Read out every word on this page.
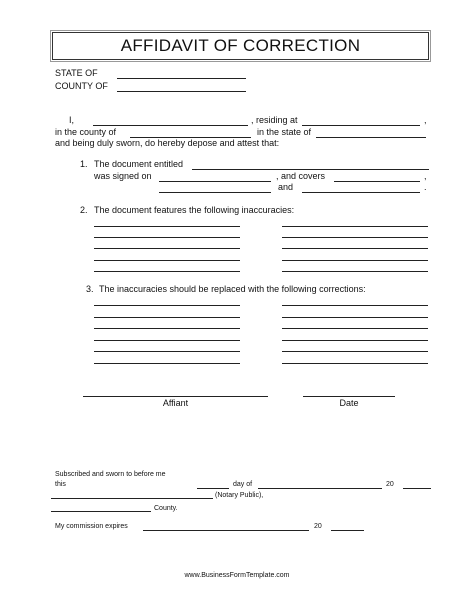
AFFIDAVIT OF CORRECTION
STATE OF
COUNTY OF
I,	, residing at	,
in the county of	in the state of
and being duly sworn, do hereby depose and attest that:
1. The document entitled
was signed on	, and covers	,
and	.
2. The document features the following inaccuracies:
3. The inaccuracies should be replaced with the following corrections:
Affiant	Date
Subscribed and sworn to before me
this	day of	20
(Notary Public),
County.
My commission expires	20
www.BusinessFormTemplate.com
